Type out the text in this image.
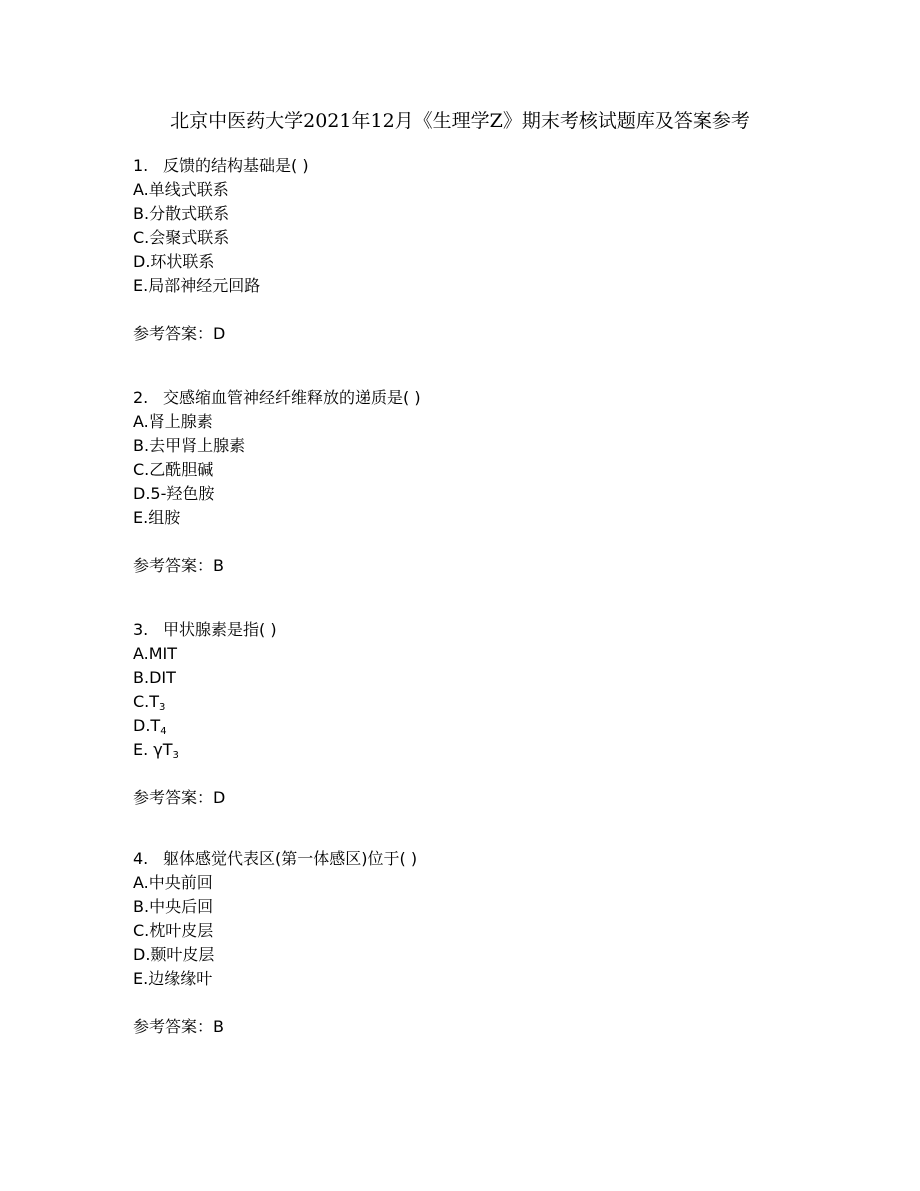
北京中医药大学2021年12月《生理学Z》期末考核试题库及答案参考
1. 反馈的结构基础是( )
A.单线式联系
B.分散式联系
C.会聚式联系
D.环状联系
E.局部神经元回路
参考答案：D
2. 交感缩血管神经纤维释放的递质是( )
A.肾上腺素
B.去甲肾上腺素
C.乙酰胆碱
D.5-羟色胺
E.组胺
参考答案：B
3. 甲状腺素是指( )
A.MIT
B.DIT
$C.T_3$
$D.T_4$
E. $\gamma T_3$
参考答案：D
4. 躯体感觉代表区(第一体感区)位于( )
A.中央前回
B.中央后回
C.枕叶皮层
D.颞叶皮层
E.边缘缘叶
参考答案：B
